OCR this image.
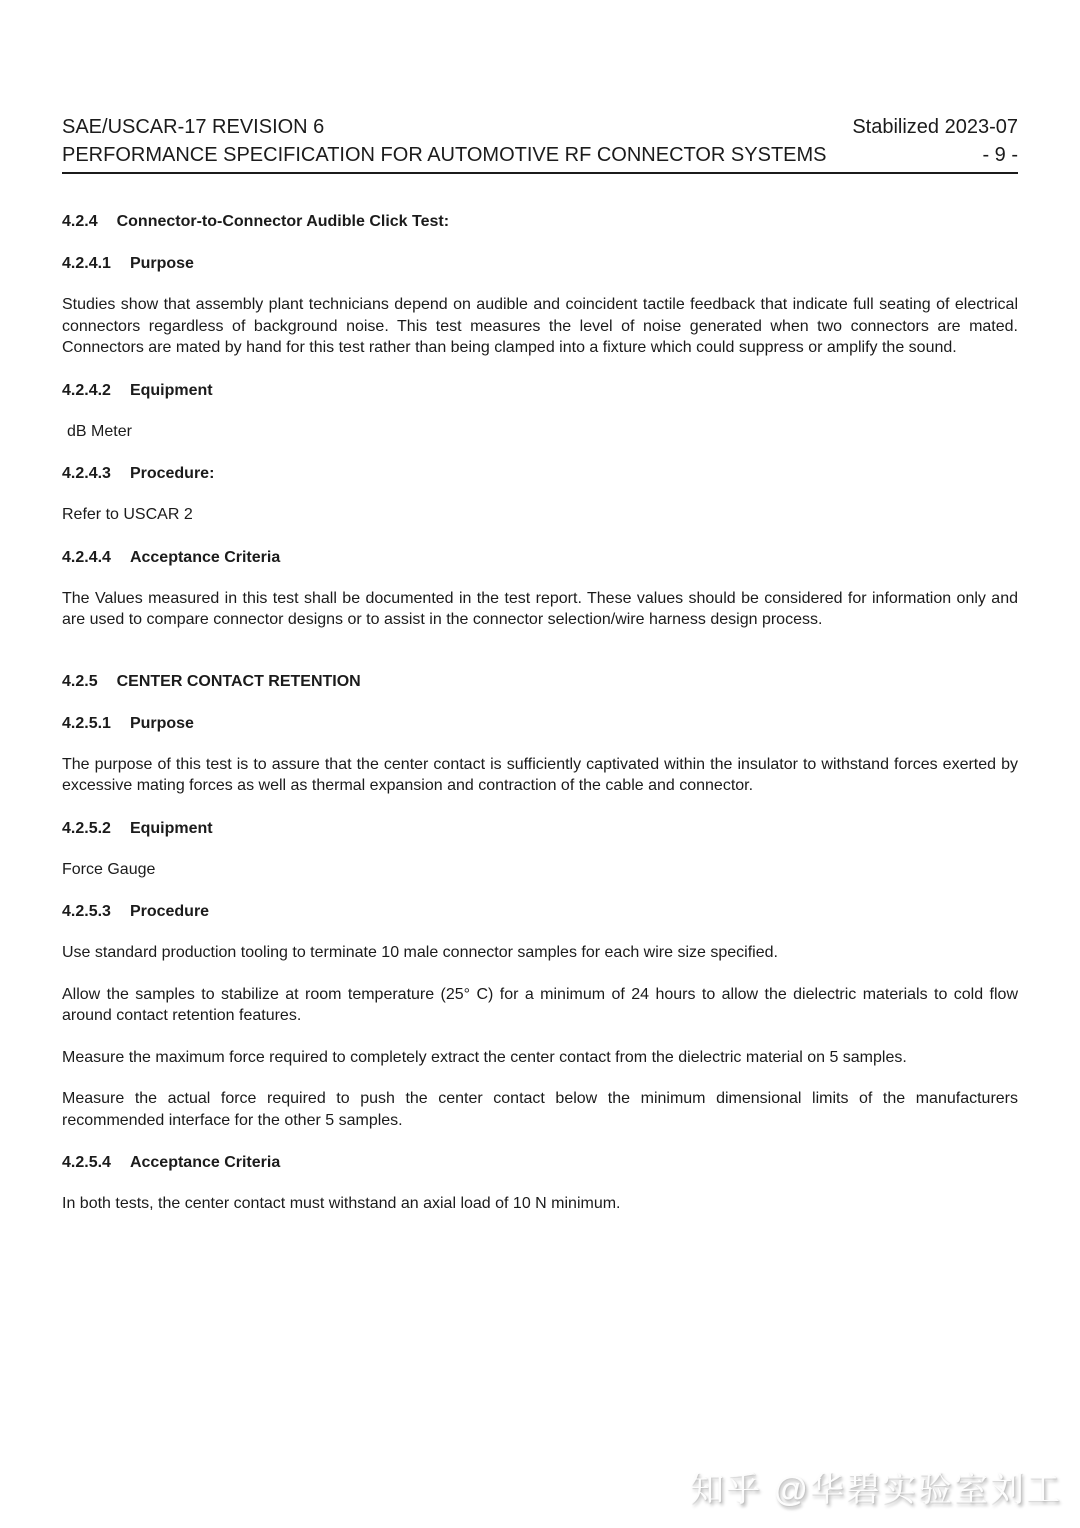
SAE/USCAR-17 REVISION 6	Stabilized 2023-07
PERFORMANCE SPECIFICATION FOR AUTOMOTIVE RF CONNECTOR SYSTEMS	- 9 -
4.2.4 Connector-to-Connector Audible Click Test:
4.2.4.1 Purpose
Studies show that assembly plant technicians depend on audible and coincident tactile feedback that indicate full seating of electrical connectors regardless of background noise. This test measures the level of noise generated when two connectors are mated. Connectors are mated by hand for this test rather than being clamped into a fixture which could suppress or amplify the sound.
4.2.4.2 Equipment
dB Meter
4.2.4.3 Procedure:
Refer to USCAR 2
4.2.4.4 Acceptance Criteria
The Values measured in this test shall be documented in the test report. These values should be considered for information only and are used to compare connector designs or to assist in the connector selection/wire harness design process.
4.2.5 CENTER CONTACT RETENTION
4.2.5.1 Purpose
The purpose of this test is to assure that the center contact is sufficiently captivated within the insulator to withstand forces exerted by excessive mating forces as well as thermal expansion and contraction of the cable and connector.
4.2.5.2 Equipment
Force Gauge
4.2.5.3 Procedure
Use standard production tooling to terminate 10 male connector samples for each wire size specified.
Allow the samples to stabilize at room temperature (25° C) for a minimum of 24 hours to allow the dielectric materials to cold flow around contact retention features.
Measure the maximum force required to completely extract the center contact from the dielectric material on 5 samples.
Measure the actual force required to push the center contact below the minimum dimensional limits of the manufacturers recommended interface for the other 5 samples.
4.2.5.4 Acceptance Criteria
In both tests, the center contact must withstand an axial load of 10 N minimum.
知乎 @华碧实验室刘工
